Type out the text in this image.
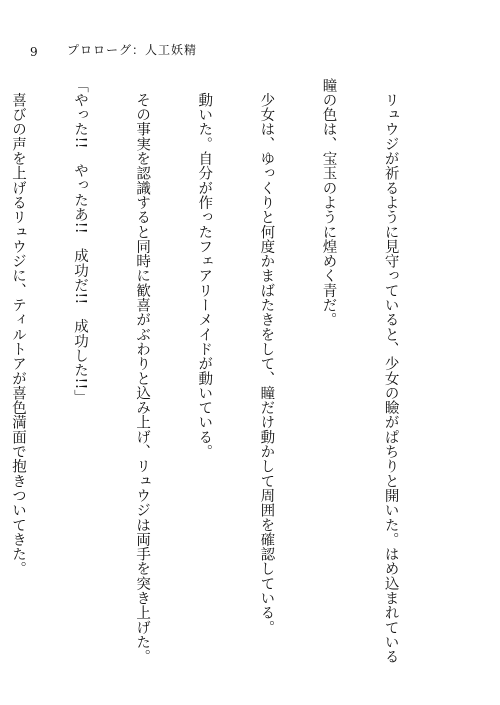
9 プロローグ：人工妖精

　リュウジが祈るように見守っていると、少女の瞼がぱちりと開いた。はめ込まれている

瞳の色は、宝玉のように煌めく青だ。

　少女は、ゆっくりと何度かまばたきをして、瞳だけ動かして周囲を確認している。

　動いた。自分が作ったフェアリーメイドが動いている。

　その事実を認識すると同時に歓喜がぶわりと込み上げ、リュウジは両手を突き上げた。

「やった!!　やったあ!!　成功だ!!　成功した!!」

　喜びの声を上げるリュウジに、ティルトアが喜色満面で抱きついてきた。
